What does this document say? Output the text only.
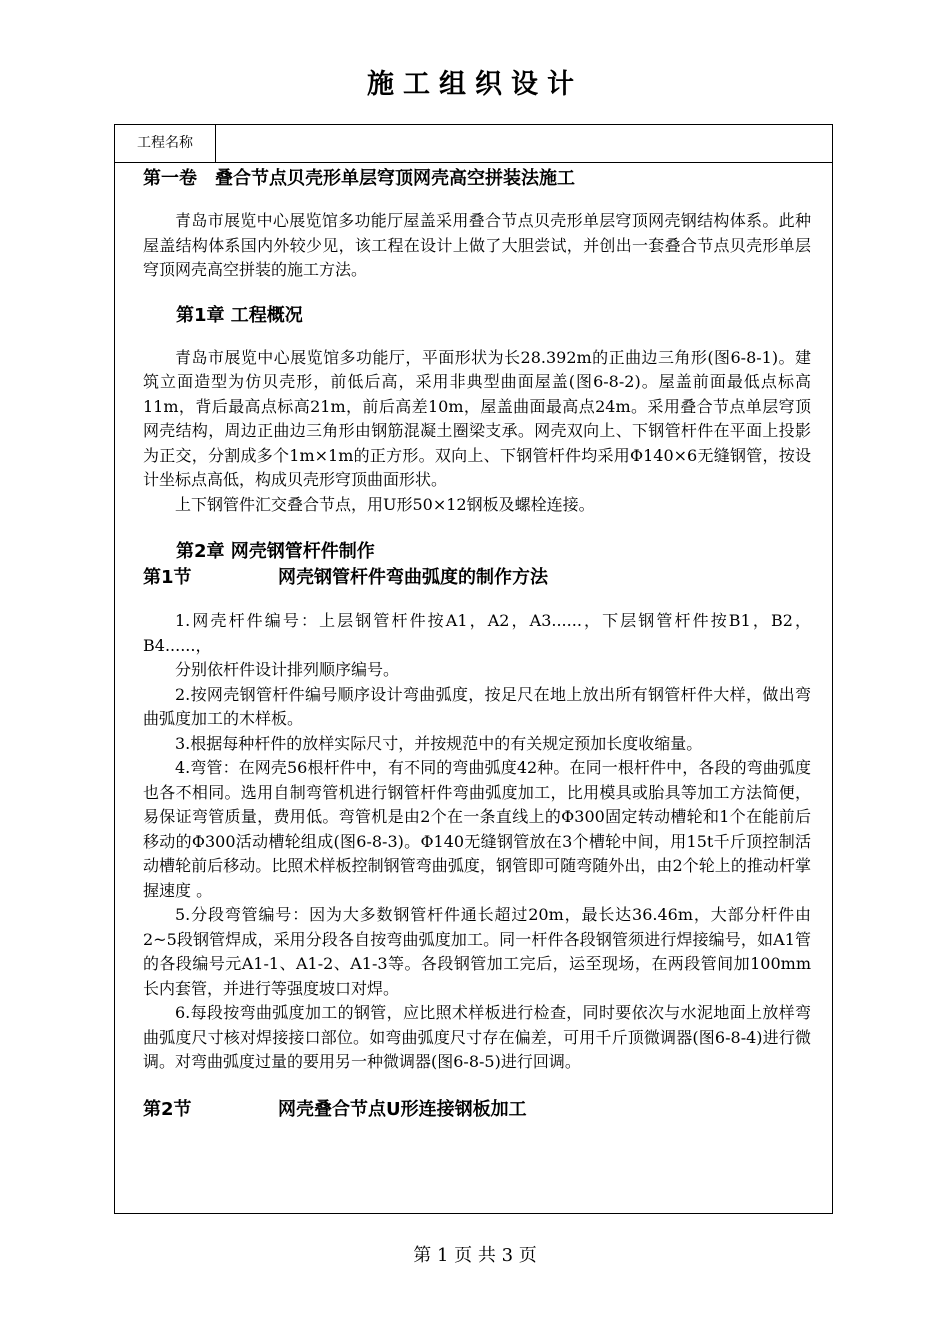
施工组织设计
工程名称
第一卷　叠合节点贝壳形单层穹顶网壳高空拼装法施工

青岛市展览中心展览馆多功能厅屋盖采用叠合节点贝壳形单层穹顶网壳钢结构体系。此种屋盖结构体系国内外较少见，该工程在设计上做了大胆尝试，并创出一套叠合节点贝壳形单层穹顶网壳高空拼装的施工方法。

第1章 工程概况

青岛市展览中心展览馆多功能厅，平面形状为长28.392m的正曲边三角形(图6-8-1)。建筑立面造型为仿贝壳形，前低后高，采用非典型曲面屋盖(图6-8-2)。屋盖前面最低点标高11m，背后最高点标高21m，前后高差10m，屋盖曲面最高点24m。采用叠合节点单层穹顶网壳结构，周边正曲边三角形由钢筋混凝土圈梁支承。网壳双向上、下钢管杆件在平面上投影为正交，分割成多个1m×1m的正方形。双向上、下钢管杆件均采用Φ140×6无缝钢管，按设计坐标点高低，构成贝壳形穹顶曲面形状。

上下钢管件汇交叠合节点，用U形50×12钢板及螺栓连接。

第2章 网壳钢管杆件制作
第1节	网壳钢管杆件弯曲弧度的制作方法

1.网壳杆件编号：上层钢管杆件按A1，A2，A3......，下层钢管杆件按B1，B2，B4......，

分别依杆件设计排列顺序编号。

2.按网壳钢管杆件编号顺序设计弯曲弧度，按足尺在地上放出所有钢管杆件大样，做出弯曲弧度加工的木样板。

3.根据每种杆件的放样实际尺寸，并按规范中的有关规定预加长度收缩量。

4.弯管：在网壳56根杆件中，有不同的弯曲弧度42种。在同一根杆件中，各段的弯曲弧度也各不相同。选用自制弯管机进行钢管杆件弯曲弧度加工，比用模具或胎具等加工方法简便，易保证弯管质量，费用低。弯管机是由2个在一条直线上的Φ300固定转动槽轮和1个在能前后移动的Φ300活动槽轮组成(图6-8-3)。Φ140无缝钢管放在3个槽轮中间，用15t千斤顶控制活动槽轮前后移动。比照术样板控制钢管弯曲弧度，钢管即可随弯随外出，由2个轮上的推动杆掌握速度 。

5.分段弯管编号：因为大多数钢管杆件通长超过20m，最长达36.46m，大部分杆件由2~5段钢管焊成，采用分段各自按弯曲弧度加工。同一杆件各段钢管须进行焊接编号，如A1管的各段编号元A1-1、A1-2、A1-3等。各段钢管加工完后，运至现场，在两段管间加100mm长内套管，并进行等强度坡口对焊。

6.每段按弯曲弧度加工的钢管，应比照术样板进行检查，同时要依次与水泥地面上放样弯曲弧度尺寸核对焊接接口部位。如弯曲弧度尺寸存在偏差，可用千斤顶微调器(图6-8-4)进行微调。对弯曲弧度过量的要用另一种微调器(图6-8-5)进行回调。

第2节	网壳叠合节点U形连接钢板加工
第 1 页 共 3 页
